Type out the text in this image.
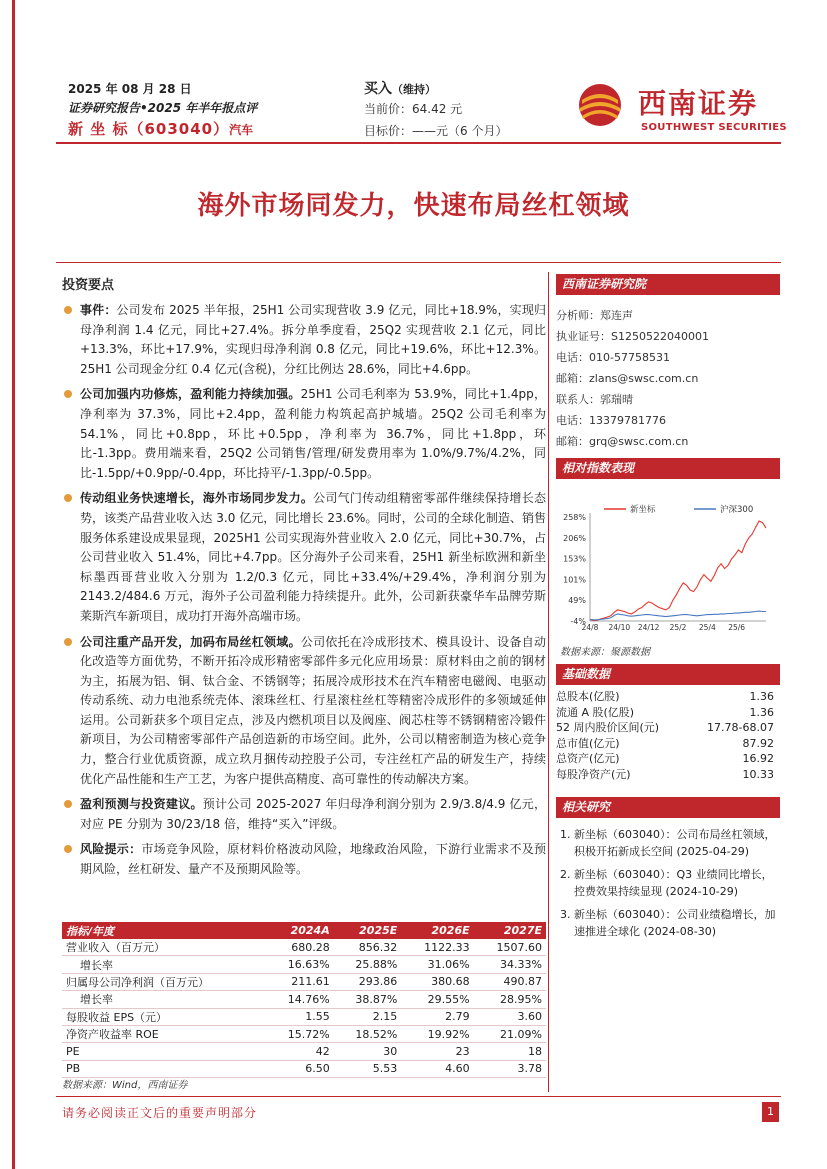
2025 年 08 月 28 日
证券研究报告•2025 年半年报点评
新 坐 标（603040）汽车
买入（维持）
当前价：64.42 元
目标价：——元（6 个月）
西南证券
SOUTHWEST SECURITIES
海外市场同发力，快速布局丝杠领域
投资要点
事件：公司发布 2025 半年报，25H1 公司实现营收 3.9 亿元，同比+18.9%，实现归母净利润 1.4 亿元，同比+27.4%。拆分单季度看，25Q2 实现营收 2.1 亿元，同比+13.3%，环比+17.9%，实现归母净利润 0.8 亿元，同比+19.6%，环比+12.3%。25H1 公司现金分红 0.4 亿元(含税)，分红比例达 28.6%，同比+4.6pp。
公司加强内功修炼，盈利能力持续加强。25H1 公司毛利率为 53.9%，同比+1.4pp，净利率为 37.3%，同比+2.4pp，盈利能力构筑起高护城墙。25Q2 公司毛利率为 54.1%，同比+0.8pp，环比+0.5pp，净利率为 36.7%，同比+1.8pp，环比-1.3pp。费用端来看，25Q2 公司销售/管理/研发费用率为 1.0%/9.7%/4.2%，同比-1.5pp/+0.9pp/-0.4pp，环比持平/-1.3pp/-0.5pp。
传动组业务快速增长，海外市场同步发力。公司气门传动组精密零部件继续保持增长态势，该类产品营业收入达 3.0 亿元，同比增长 23.6%。同时，公司的全球化制造、销售服务体系建设成果显现，2025H1 公司实现海外营业收入 2.0 亿元，同比+30.7%，占公司营业收入 51.4%，同比+4.7pp。区分海外子公司来看，25H1 新坐标欧洲和新坐标墨西哥营业收入分别为 1.2/0.3 亿元，同比+33.4%/+29.4%，净利润分别为 2143.2/484.6 万元，海外子公司盈利能力持续提升。此外，公司新获豪华车品牌劳斯莱斯汽车新项目，成功打开海外高端市场。
公司注重产品开发，加码布局丝杠领域。公司依托在冷成形技术、模具设计、设备自动化改造等方面优势，不断开拓冷成形精密零部件多元化应用场景：原材料由之前的钢材为主，拓展为铝、铜、钛合金、不锈钢等；拓展冷成形技术在汽车精密电磁阀、电驱动传动系统、动力电池系统壳体、滚珠丝杠、行星滚柱丝杠等精密冷成形件的多领域延伸运用。公司新获多个项目定点，涉及内燃机项目以及阀座、阀芯柱等不锈钢精密冷锻件新项目，为公司精密零部件产品创造新的市场空间。此外，公司以精密制造为核心竞争力，整合行业优质资源，成立玖月捆传动控股子公司，专注丝杠产品的研发生产，持续优化产品性能和生产工艺，为客户提供高精度、高可靠性的传动解决方案。
盈利预测与投资建议。预计公司 2025-2027 年归母净利润分别为 2.9/3.8/4.9 亿元，对应 PE 分别为 30/23/18 倍，维持“买入”评级。
风险提示：市场竞争风险，原材料价格波动风险，地缘政治风险，下游行业需求不及预期风险，丝杠研发、量产不及预期风险等。
西南证券研究院
分析师：郑连声
执业证号：S1250522040001
电话：010-57758531
邮箱：zlans@swsc.com.cn
联系人：郭瑞晴
电话：13379781776
邮箱：grq@swsc.com.cn
相对指数表现
258%
206%
153%
101%
49%
-4%
24/8 24/10 24/12 25/2 25/4 25/6
新坐标	沪深300
数据来源：聚源数据
基础数据
总股本(亿股)	1.36
流通 A 股(亿股)	1.36
52 周内股价区间(元)	17.78-68.07
总市值(亿元)	87.92
总资产(亿元)	16.92
每股净资产(元)	10.33
相关研究
1. 新坐标（603040）：公司布局丝杠领域，积极开拓新成长空间 (2025-04-29)
2. 新坐标（603040）：Q3 业绩同比增长，控费效果持续显现 (2024-10-29)
3. 新坐标（603040）：公司业绩稳增长，加速推进全球化 (2024-08-30)
指标/年度	2024A	2025E	2026E	2027E
营业收入（百万元）	680.28	856.32	1122.33	1507.60
增长率	16.63%	25.88%	31.06%	34.33%
归属母公司净利润（百万元）	211.61	293.86	380.68	490.87
增长率	14.76%	38.87%	29.55%	28.95%
每股收益 EPS（元）	1.55	2.15	2.79	3.60
净资产收益率 ROE	15.72%	18.52%	19.92%	21.09%
PE	42	30	23	18
PB	6.50	5.53	4.60	3.78
数据来源：Wind，西南证券
请务必阅读正文后的重要声明部分	1
